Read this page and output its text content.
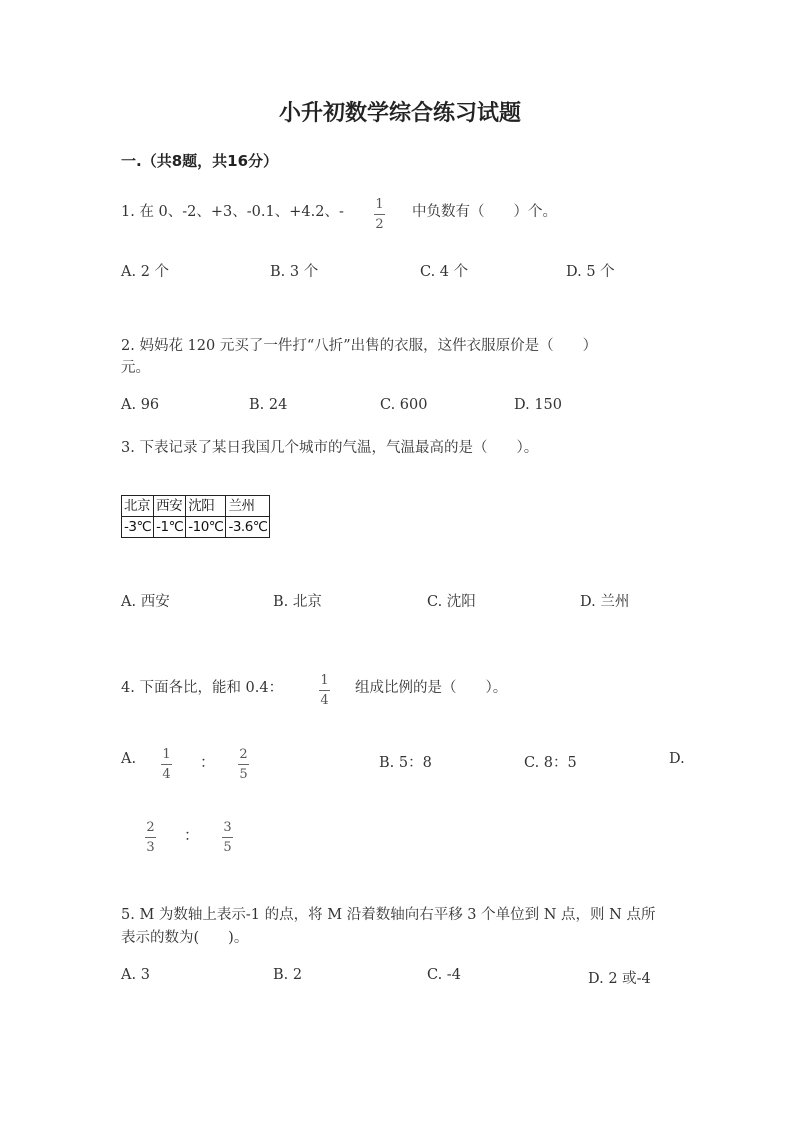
小升初数学综合练习试题
一.（共8题，共16分）
1. 在 0、-2、+3、-0.1、+4.2、- 1
2
中负数有（　　）个。
A. 2 个	B. 3 个	C. 4 个	D. 5 个
2. 妈妈花 120 元买了一件打“八折”出售的衣服，这件衣服原价是（　　）
元。
A. 96	B. 24	C. 600	D. 150
3. 下表记录了某日我国几个城市的气温，气温最高的是（　　）。
北京	西安	沈阳	兰州
-3℃	-1℃	-10℃	-3.6℃
A. 西安	B. 北京	C. 沈阳	D. 兰州
4. 下面各比，能和 0.4：	1
4
组成比例的是（　　）。
A. 1
4
： 2
5
B. 5：8	C. 8：5	D.
2
3
： 3
5
5. M 为数轴上表示-1 的点，将 M 沿着数轴向右平移 3 个单位到 N 点，则 N 点所
表示的数为(　　)。
A. 3	B. 2	C. -4	D. 2 或-4
